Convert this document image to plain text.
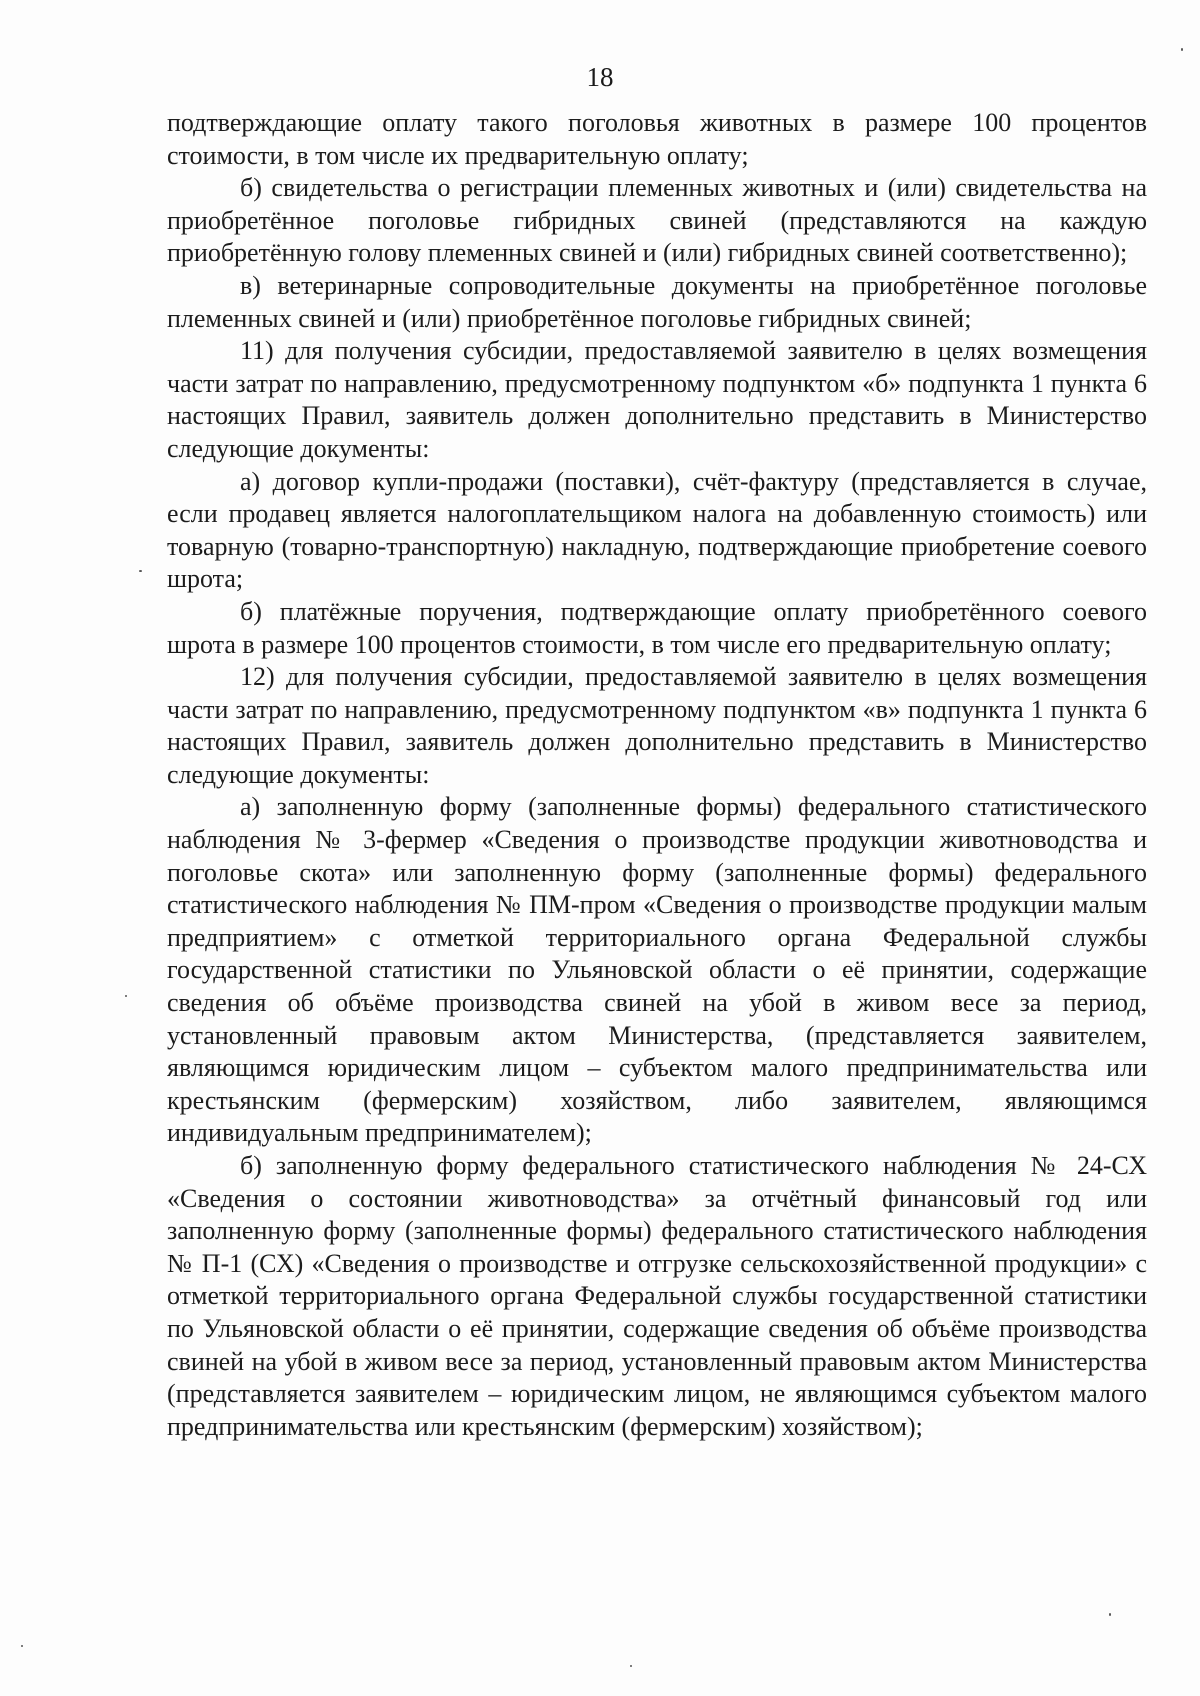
18

подтверждающие оплату такого поголовья животных в размере 100 процентов стоимости, в том числе их предварительную оплату;

б) свидетельства о регистрации племенных животных и (или) свидетельства на приобретённое поголовье гибридных свиней (представляются на каждую приобретённую голову племенных свиней и (или) гибридных свиней соответственно);

в) ветеринарные сопроводительные документы на приобретённое поголовье племенных свиней и (или) приобретённое поголовье гибридных свиней;

11) для получения субсидии, предоставляемой заявителю в целях возмещения части затрат по направлению, предусмотренному подпунктом «б» подпункта 1 пункта 6 настоящих Правил, заявитель должен дополнительно представить в Министерство следующие документы:

а) договор купли-продажи (поставки), счёт-фактуру (представляется в случае, если продавец является налогоплательщиком налога на добавленную стоимость) или товарную (товарно-транспортную) накладную, подтверждающие приобретение соевого шрота;

б) платёжные поручения, подтверждающие оплату приобретённого соевого шрота в размере 100 процентов стоимости, в том числе его предварительную оплату;

12) для получения субсидии, предоставляемой заявителю в целях возмещения части затрат по направлению, предусмотренному подпунктом «в» подпункта 1 пункта 6 настоящих Правил, заявитель должен дополнительно представить в Министерство следующие документы:

а) заполненную форму (заполненные формы) федерального статистического наблюдения № 3-фермер «Сведения о производстве продукции животноводства и поголовье скота» или заполненную форму (заполненные формы) федерального статистического наблюдения № ПМ-пром «Сведения о производстве продукции малым предприятием» с отметкой территориального органа Федеральной службы государственной статистики по Ульяновской области о её принятии, содержащие сведения об объёме производства свиней на убой в живом весе за период, установленный правовым актом Министерства, (представляется заявителем, являющимся юридическим лицом – субъектом малого предпринимательства или крестьянским (фермерским) хозяйством, либо заявителем, являющимся индивидуальным предпринимателем);

б) заполненную форму федерального статистического наблюдения № 24-СХ «Сведения о состоянии животноводства» за отчётный финансовый год или заполненную форму (заполненные формы) федерального статистического наблюдения № П-1 (СХ) «Сведения о производстве и отгрузке сельскохозяйственной продукции» с отметкой территориального органа Федеральной службы государственной статистики по Ульяновской области о её принятии, содержащие сведения об объёме производства свиней на убой в живом весе за период, установленный правовым актом Министерства (представляется заявителем – юридическим лицом, не являющимся субъектом малого предпринимательства или крестьянским (фермерским) хозяйством);
